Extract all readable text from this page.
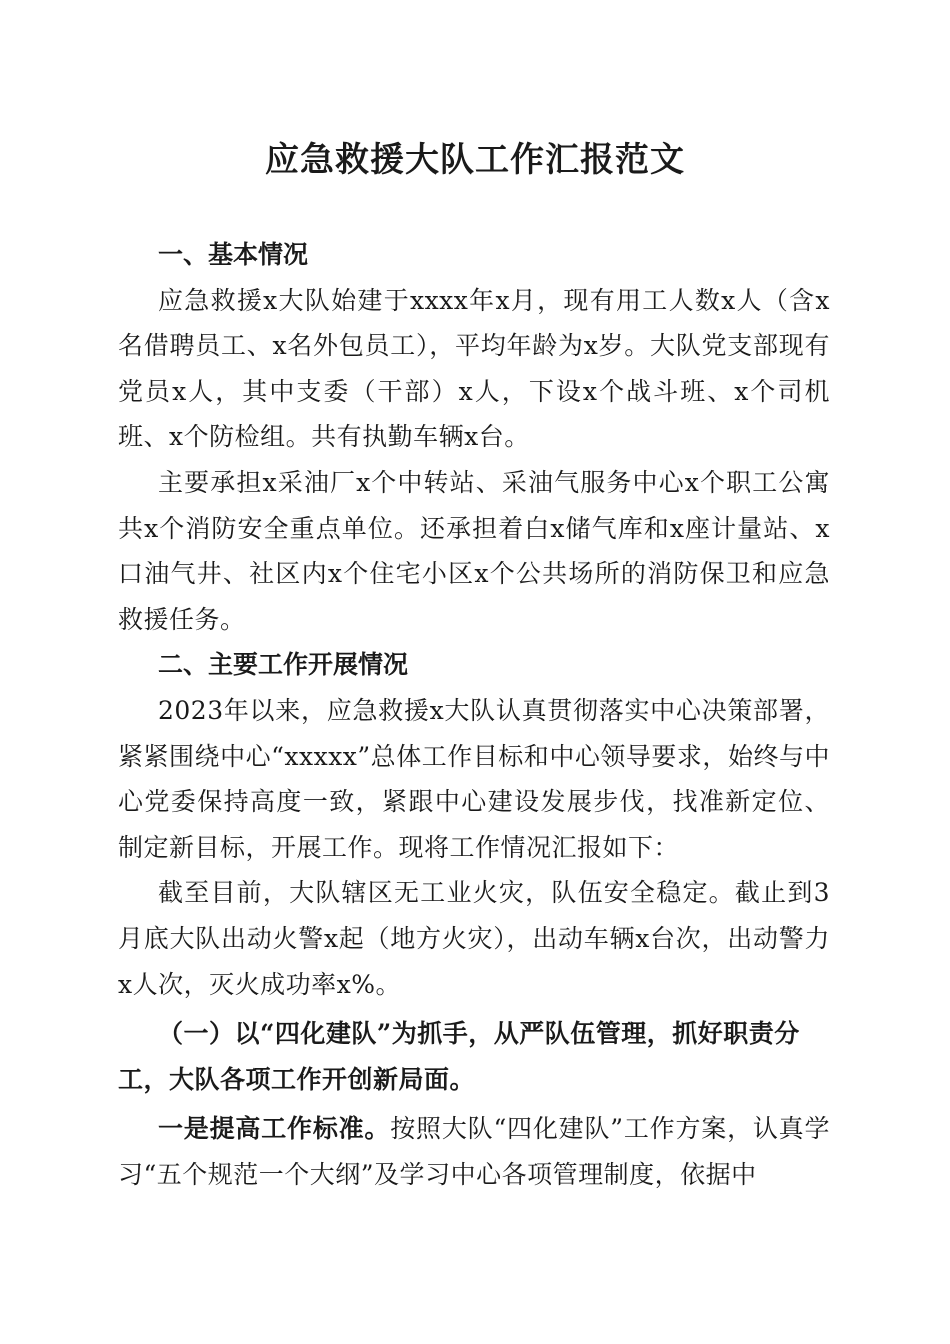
应急救援大队工作汇报范文

一、基本情况

应急救援x大队始建于xxxx年x月，现有用工人数x人（含x名借聘员工、x名外包员工），平均年龄为x岁。大队党支部现有党员x人，其中支委（干部）x人，下设x个战斗班、x个司机班、x个防检组。共有执勤车辆x台。

主要承担x采油厂x个中转站、采油气服务中心x个职工公寓共x个消防安全重点单位。还承担着白x储气库和x座计量站、x口油气井、社区内x个住宅小区x个公共场所的消防保卫和应急救援任务。

二、主要工作开展情况

2023年以来，应急救援x大队认真贯彻落实中心决策部署，紧紧围绕中心“xxxxx”总体工作目标和中心领导要求，始终与中心党委保持高度一致，紧跟中心建设发展步伐，找准新定位、制定新目标，开展工作。现将工作情况汇报如下：

截至目前，大队辖区无工业火灾，队伍安全稳定。截止到3月底大队出动火警x起（地方火灾），出动车辆x台次，出动警力x人次，灭火成功率x%。

（一）以“四化建队”为抓手，从严队伍管理，抓好职责分工，大队各项工作开创新局面。

一是提高工作标准。按照大队“四化建队”工作方案，认真学习“五个规范一个大纲”及学习中心各项管理制度，依据中
